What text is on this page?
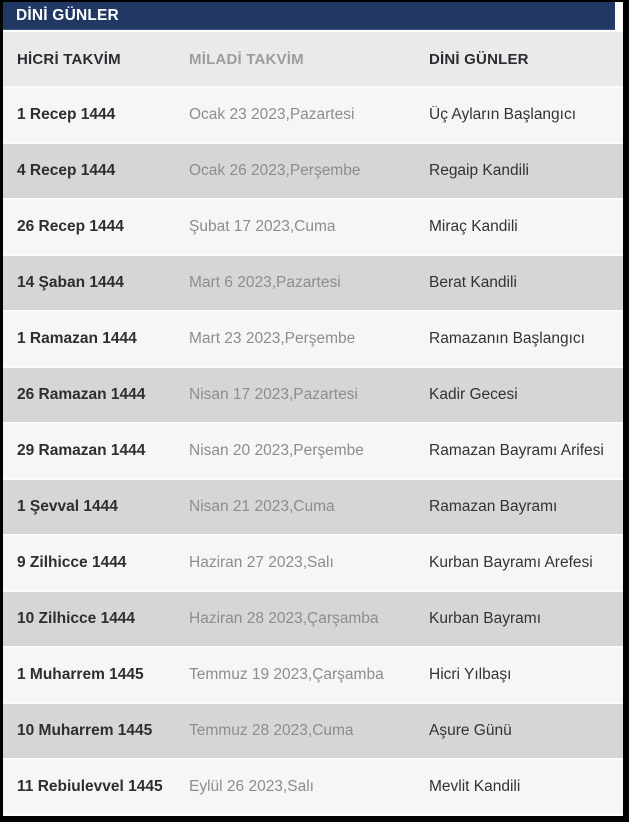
DİNİ GÜNLER
HİCRİ TAKVİM	MİLADİ TAKVİM	DİNİ GÜNLER
1 Recep 1444	Ocak 23 2023,Pazartesi	Üç Ayların Başlangıcı
4 Recep 1444	Ocak 26 2023,Perşembe	Regaip Kandili
26 Recep 1444	Şubat 17 2023,Cuma	Miraç Kandili
14 Şaban 1444	Mart 6 2023,Pazartesi	Berat Kandili
1 Ramazan 1444	Mart 23 2023,Perşembe	Ramazanın Başlangıcı
26 Ramazan 1444	Nisan 17 2023,Pazartesi	Kadir Gecesi
29 Ramazan 1444	Nisan 20 2023,Perşembe	Ramazan Bayramı Arifesi
1 Şevval 1444	Nisan 21 2023,Cuma	Ramazan Bayramı
9 Zilhicce 1444	Haziran 27 2023,Salı	Kurban Bayramı Arefesi
10 Zilhicce 1444	Haziran 28 2023,Çarşamba	Kurban Bayramı
1 Muharrem 1445	Temmuz 19 2023,Çarşamba	Hicri Yılbaşı
10 Muharrem 1445	Temmuz 28 2023,Cuma	Aşure Günü
11 Rebiulevvel 1445	Eylül 26 2023,Salı	Mevlit Kandili
